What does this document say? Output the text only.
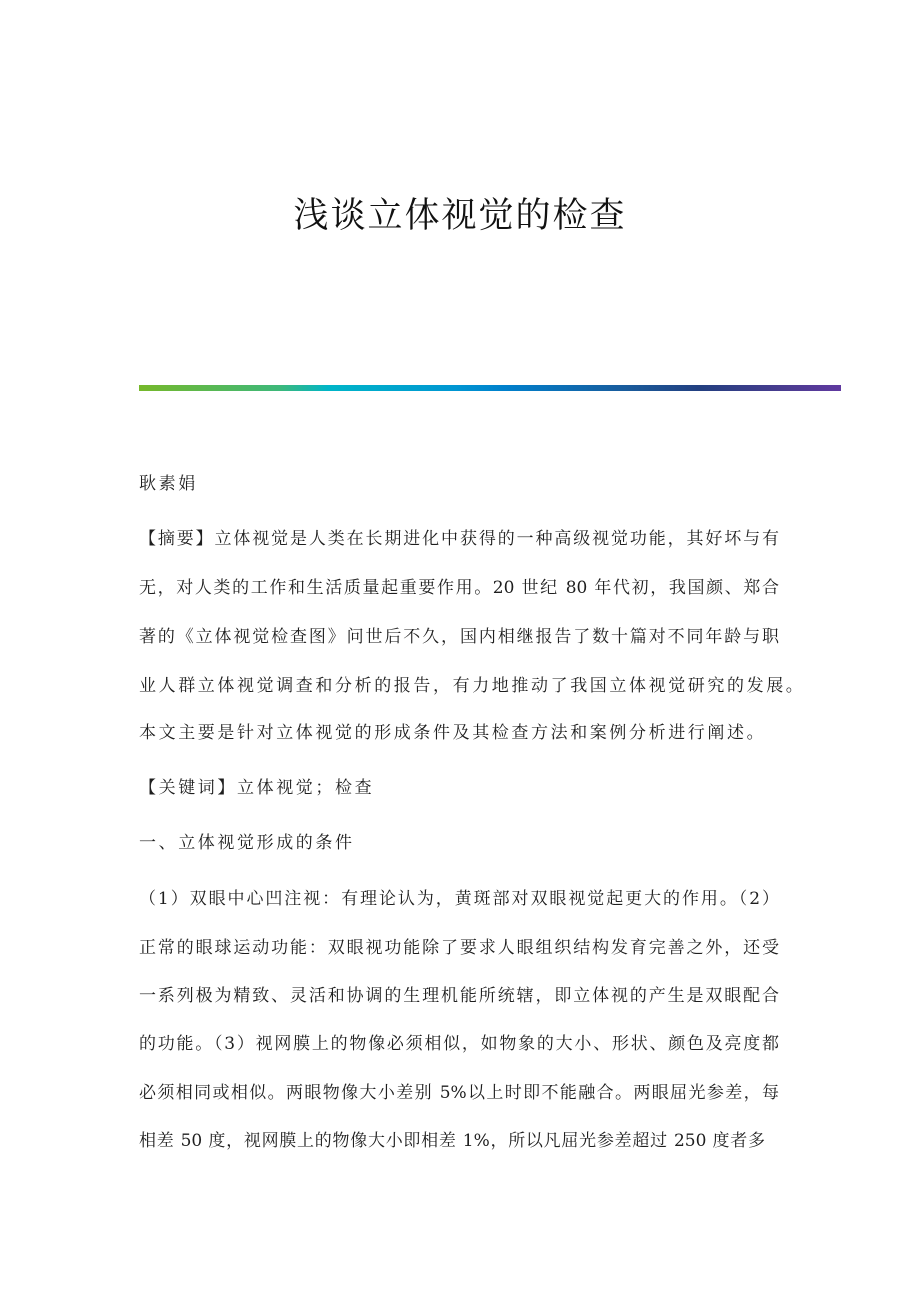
浅谈立体视觉的检查
耿素娟
【摘要】立体视觉是人类在长期进化中获得的一种高级视觉功能，其好坏与有
无，对人类的工作和生活质量起重要作用。20 世纪 80 年代初，我国颜、郑合
著的《立体视觉检查图》问世后不久，国内相继报告了数十篇对不同年龄与职
业人群立体视觉调查和分析的报告，有力地推动了我国立体视觉研究的发展。
本文主要是针对立体视觉的形成条件及其检查方法和案例分析进行阐述。
【关键词】立体视觉；检查
一、立体视觉形成的条件
（1）双眼中心凹注视：有理论认为，黄斑部对双眼视觉起更大的作用。（2）
正常的眼球运动功能：双眼视功能除了要求人眼组织结构发育完善之外，还受
一系列极为精致、灵活和协调的生理机能所统辖，即立体视的产生是双眼配合
的功能。（3）视网膜上的物像必须相似，如物象的大小、形状、颜色及亮度都
必须相同或相似。两眼物像大小差别 5%以上时即不能融合。两眼屈光参差，每
相差 50 度，视网膜上的物像大小即相差 1%，所以凡屈光参差超过 250 度者多
